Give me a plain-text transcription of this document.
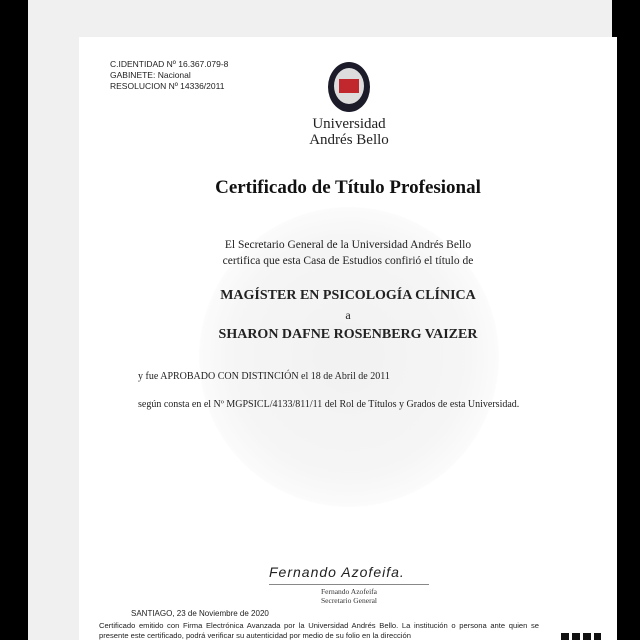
C.IDENTIDAD Nº 16.367.079-8
GABINETE: Nacional
RESOLUCION Nº 14336/2011
Universidad
Andrés Bello
Certificado de Título Profesional
El Secretario General de la Universidad Andrés Bello
certifica que esta Casa de Estudios confirió el título de
MAGÍSTER EN PSICOLOGÍA CLÍNICA
a
SHARON DAFNE ROSENBERG VAIZER
y fue APROBADO CON DISTINCIÓN el 18 de Abril de 2011
según consta en el Nº MGPSICL/4133/811/11 del Rol de Títulos y Grados de esta Universidad.
Fernando Azofeifa.
Fernando Azofeifa
Secretario General
SANTIAGO, 23 de Noviembre de 2020
Certificado emitido con Firma Electrónica Avanzada por la Universidad Andrés Bello. La institución o persona ante quien se presente este certificado, podrá verificar su autenticidad por medio de su folio en la dirección
